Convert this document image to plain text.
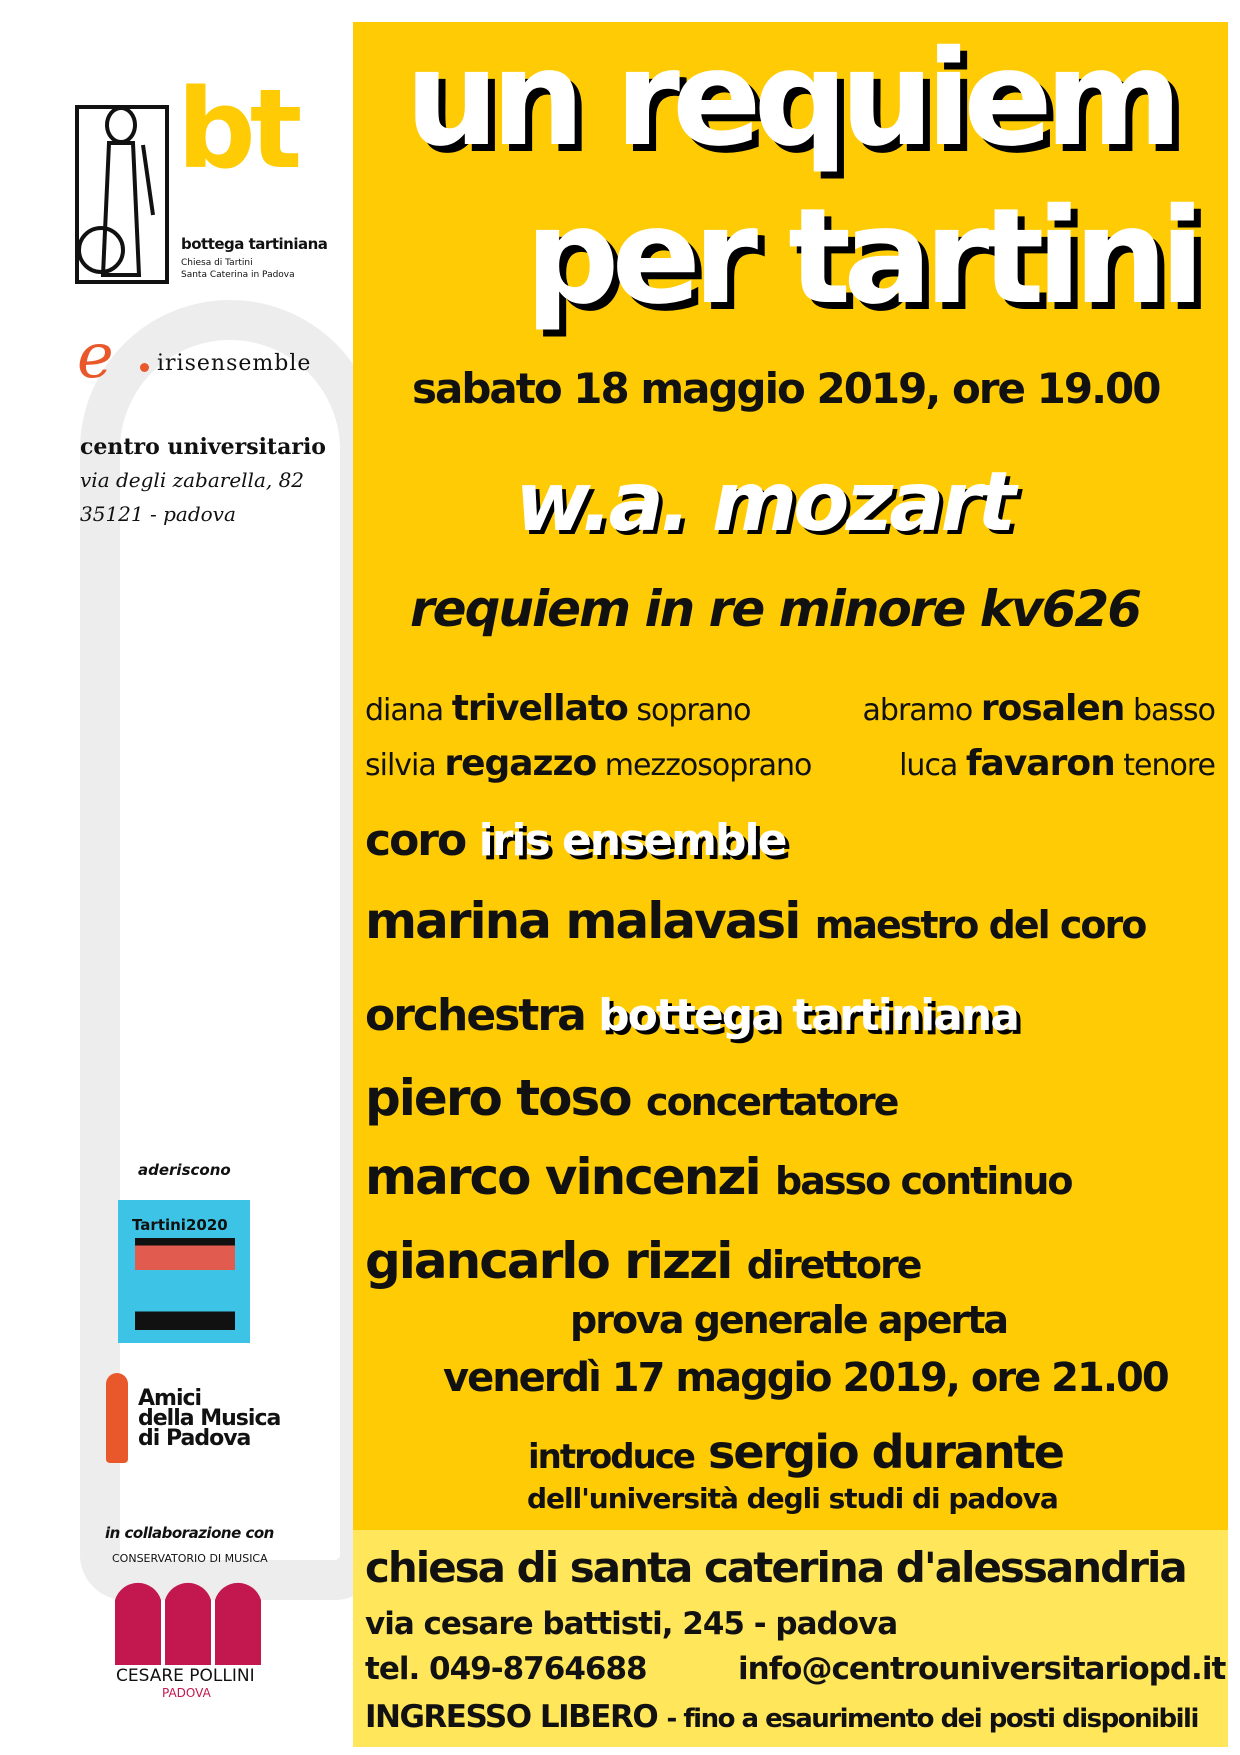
bt
bottega tartiniana
Chiesa di Tartini
Santa Caterina in Padova
e irisensemble
centro universitario
via degli zabarella, 82
35121 - padova
aderiscono
Tartini2020
Amici
della Musica
di Padova
in collaborazione con
CONSERVATORIO DI MUSICA
CESARE POLLINI
PADOVA
un requiem
per tartini
sabato 18 maggio 2019, ore 19.00
w.a. mozart
requiem in re minore kv626
diana trivellato soprano	abramo rosalen basso
silvia regazzo mezzosoprano	luca favaron tenore
coro iris ensemble
marina malavasi maestro del coro
orchestra bottega tartiniana
piero toso concertatore
marco vincenzi basso continuo
giancarlo rizzi direttore
prova generale aperta
venerdì 17 maggio 2019, ore 21.00
introduce sergio durante
dell'università degli studi di padova
chiesa di santa caterina d'alessandria
via cesare battisti, 245 - padova
tel. 049-8764688	info@centrouniversitariopd.it
INGRESSO LIBERO - fino a esaurimento dei posti disponibili
